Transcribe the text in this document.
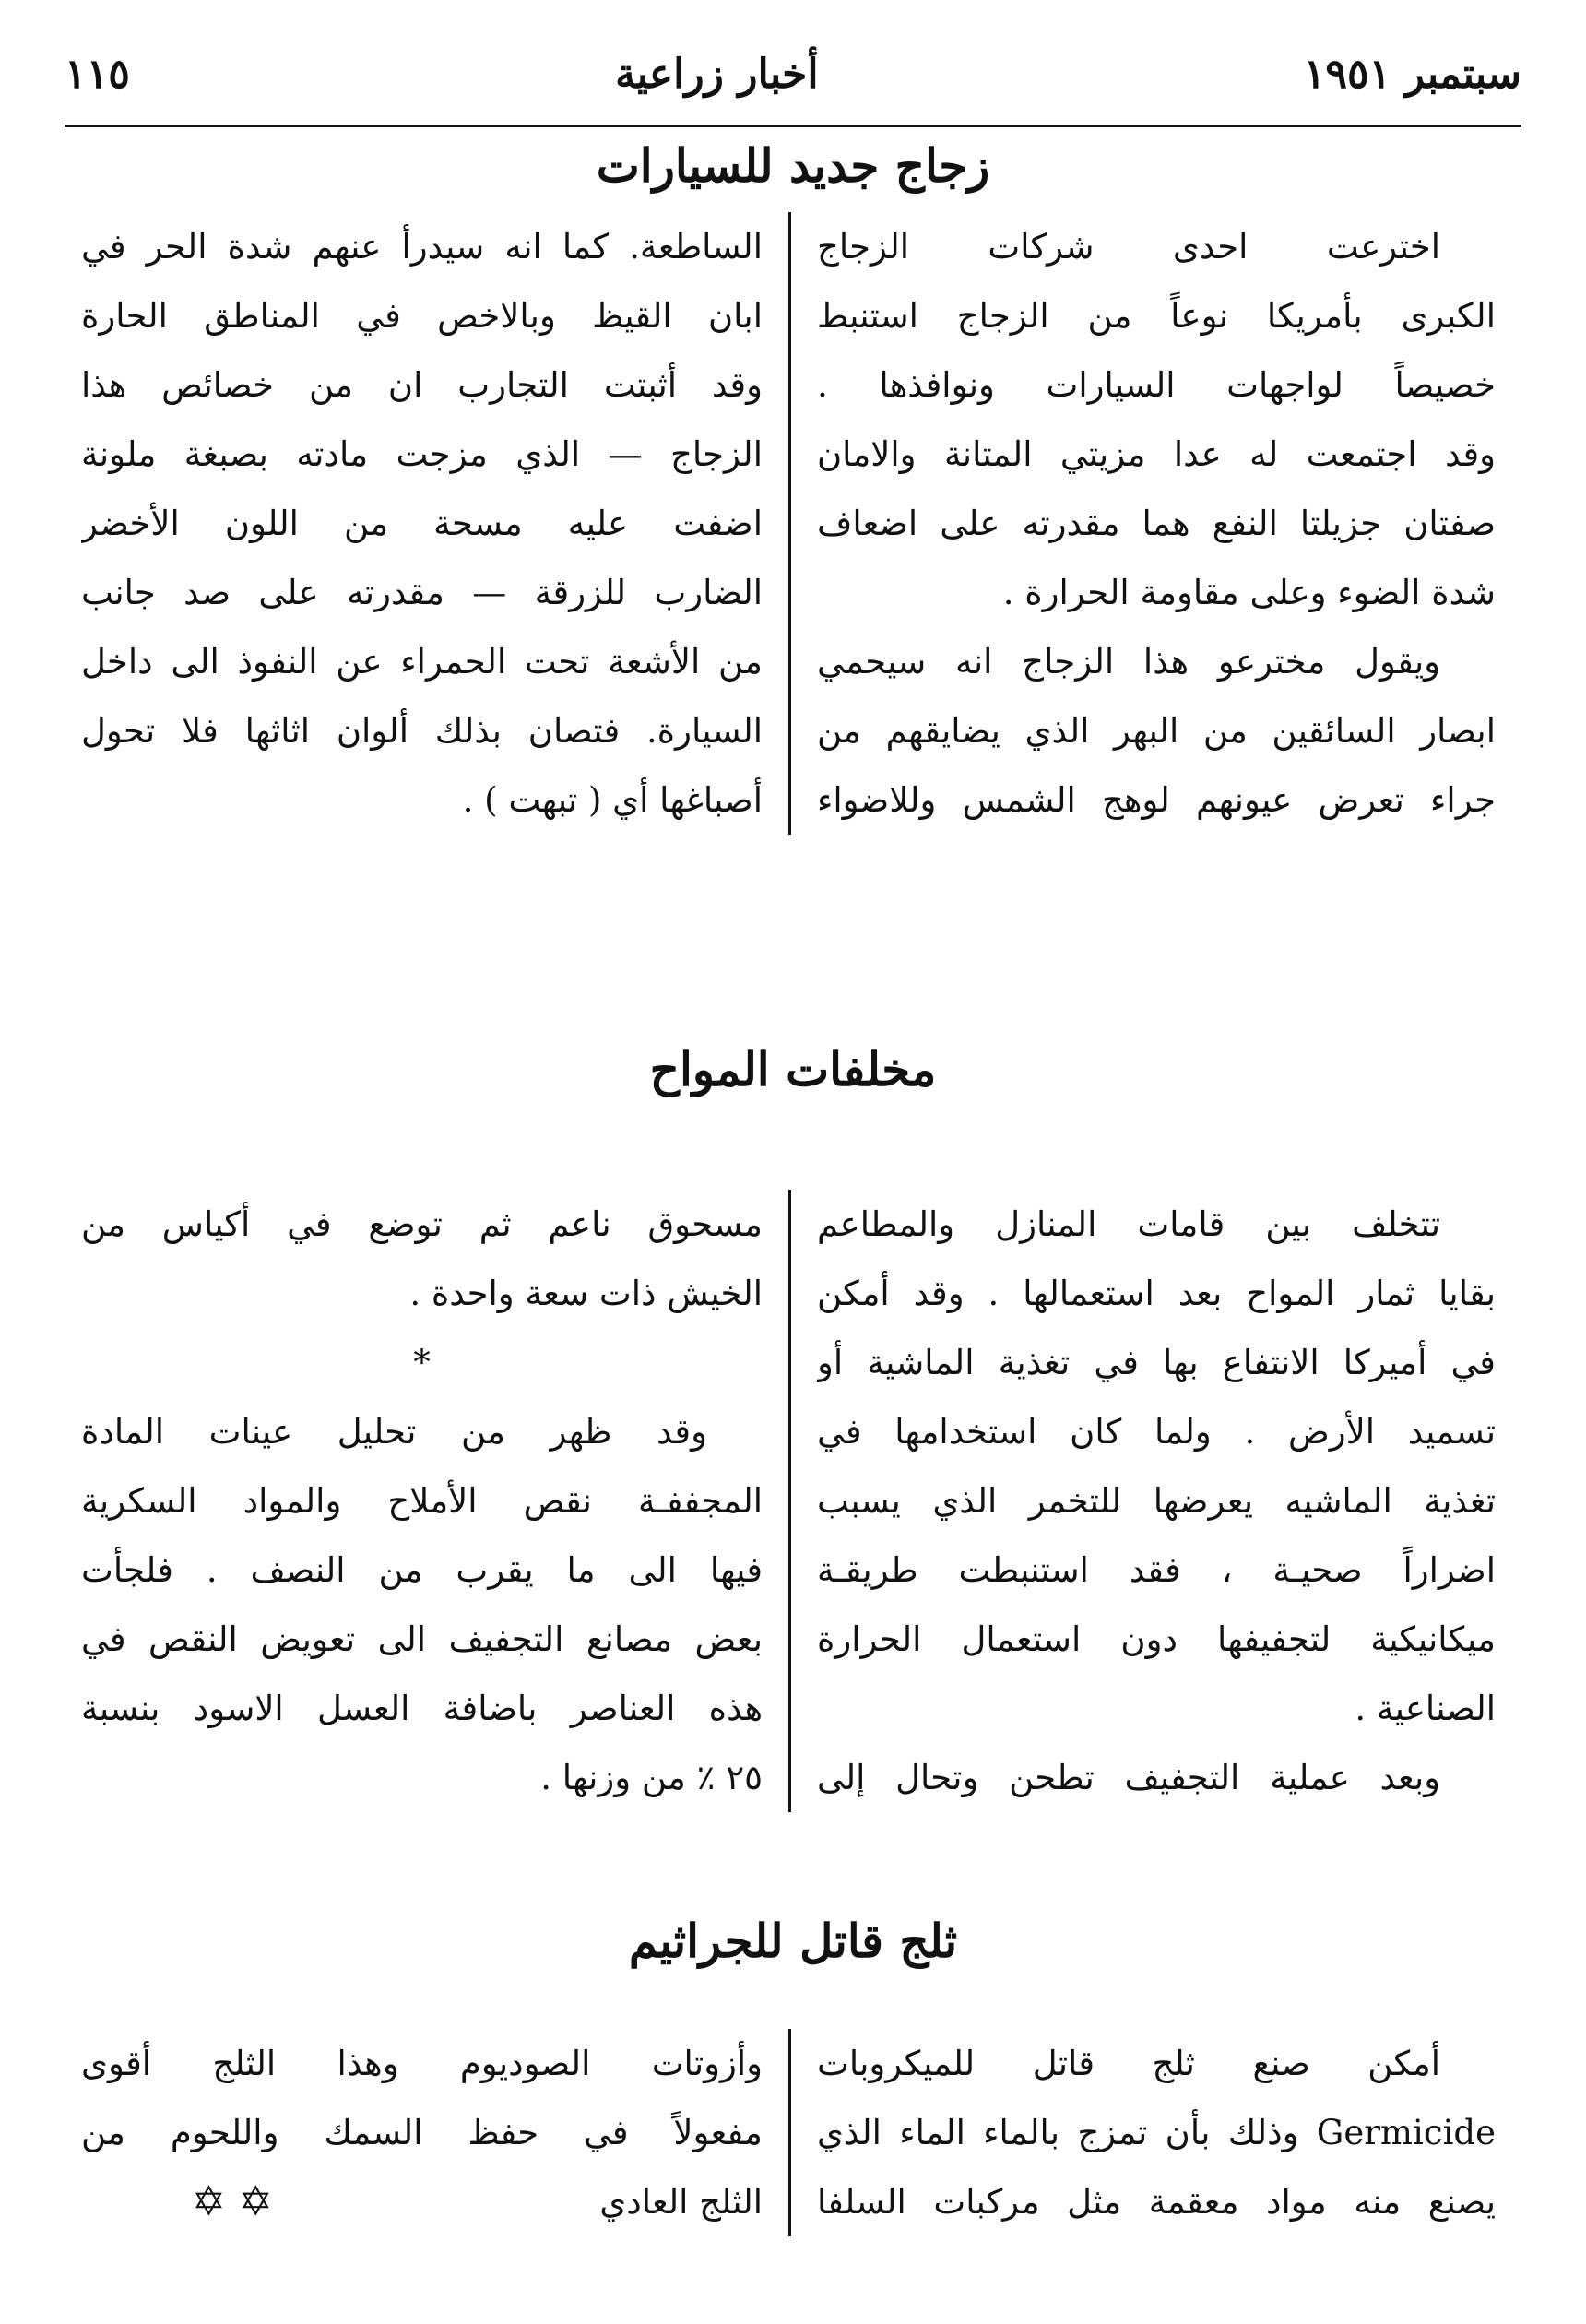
سبتمبر ١٩٥١
أخبار زراعية
١١٥
زجاج جديد للسيارات
اخترعت احدى شركات الزجاج
الكبرى بأمريكا نوعاً من الزجاج استنبط
خصيصاً لواجهات السيارات ونوافذها .
وقد اجتمعت له عدا مزيتي المتانة والامان
صفتان جزيلتا النفع هما مقدرته على اضعاف
شدة الضوء وعلى مقاومة الحرارة .
ويقول مخترعو هذا الزجاج انه سيحمي
ابصار السائقين من البهر الذي يضايقهم من
جراء تعرض عيونهم لوهج الشمس وللاضواء
الساطعة. كما انه سيدرأ عنهم شدة الحر في
ابان القيظ وبالاخص في المناطق الحارة
وقد أثبتت التجارب ان من خصائص هذا
الزجاج — الذي مزجت مادته بصبغة ملونة
اضفت عليه مسحة من اللون الأخضر
الضارب للزرقة — مقدرته على صد جانب
من الأشعة تحت الحمراء عن النفوذ الى داخل
السيارة. فتصان بذلك ألوان اثاثها فلا تحول
أصباغها أي ( تبهت ) .
مخلفات المواح
تتخلف بين قامات المنازل والمطاعم
بقايا ثمار المواح بعد استعمالها . وقد أمكن
في أميركا الانتفاع بها في تغذية الماشية أو
تسميد الأرض . ولما كان استخدامها في
تغذية الماشيه يعرضها للتخمر الذي يسبب
اضراراً صحيـة ، فقد استنبطت طريقـة
ميكانيكية لتجفيفها دون استعمال الحرارة
الصناعية .
وبعد عملية التجفيف تطحن وتحال إلى
مسحوق ناعم ثم توضع في أكياس من
الخيش ذات سعة واحدة .
*
وقد ظهر من تحليل عينات المادة
المجففـة نقص الأملاح والمواد السكرية
فيها الى ما يقرب من النصف . فلجأت
بعض مصانع التجفيف الى تعويض النقص في
هذه العناصر باضافة العسل الاسود بنسبة
٢٥ ٪ من وزنها .
ثلج قاتل للجراثيم
أمكن صنع ثلج قاتل للميكروبات
Germicide وذلك بأن تمزج بالماء الماء الذي
يصنع منه مواد معقمة مثل مركبات السلفا
وأزوتات الصوديوم وهذا الثلج أقوى
مفعولاً في حفظ السمك واللحوم من
الثلج العادي
✡ ✡
